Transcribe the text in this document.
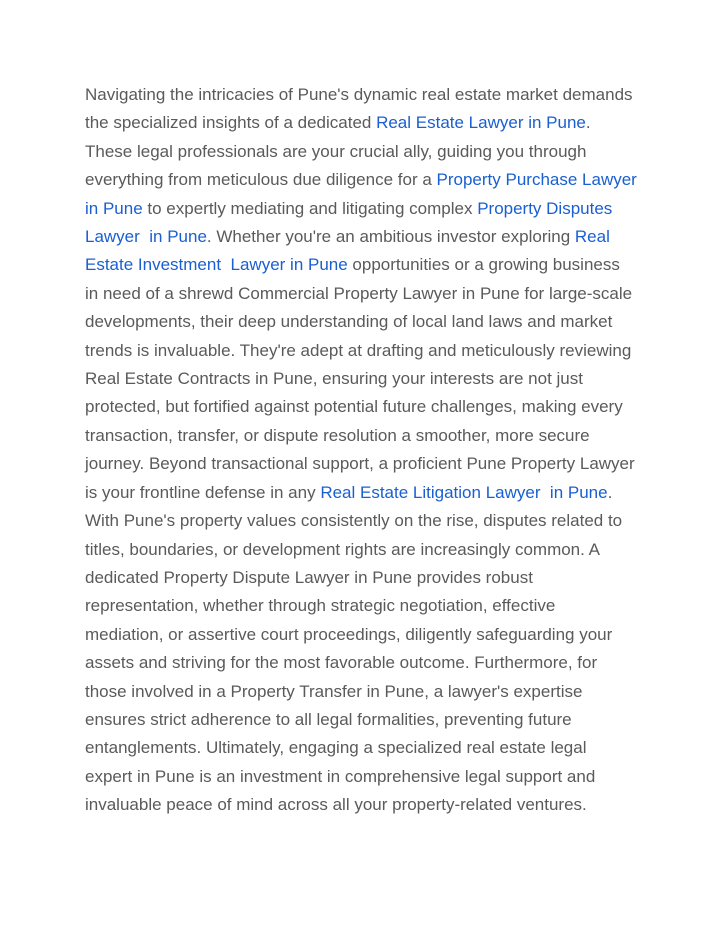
Navigating the intricacies of Pune's dynamic real estate market demands the specialized insights of a dedicated Real Estate Lawyer in Pune. These legal professionals are your crucial ally, guiding you through everything from meticulous due diligence for a Property Purchase Lawyer in Pune to expertly mediating and litigating complex Property Disputes Lawyer  in Pune. Whether you're an ambitious investor exploring Real Estate Investment  Lawyer in Pune opportunities or a growing business in need of a shrewd Commercial Property Lawyer in Pune for large-scale developments, their deep understanding of local land laws and market trends is invaluable. They're adept at drafting and meticulously reviewing Real Estate Contracts in Pune, ensuring your interests are not just protected, but fortified against potential future challenges, making every transaction, transfer, or dispute resolution a smoother, more secure journey. Beyond transactional support, a proficient Pune Property Lawyer is your frontline defense in any Real Estate Litigation Lawyer  in Pune. With Pune's property values consistently on the rise, disputes related to titles, boundaries, or development rights are increasingly common. A dedicated Property Dispute Lawyer in Pune provides robust representation, whether through strategic negotiation, effective mediation, or assertive court proceedings, diligently safeguarding your assets and striving for the most favorable outcome. Furthermore, for those involved in a Property Transfer in Pune, a lawyer's expertise ensures strict adherence to all legal formalities, preventing future entanglements. Ultimately, engaging a specialized real estate legal expert in Pune is an investment in comprehensive legal support and invaluable peace of mind across all your property-related ventures.
